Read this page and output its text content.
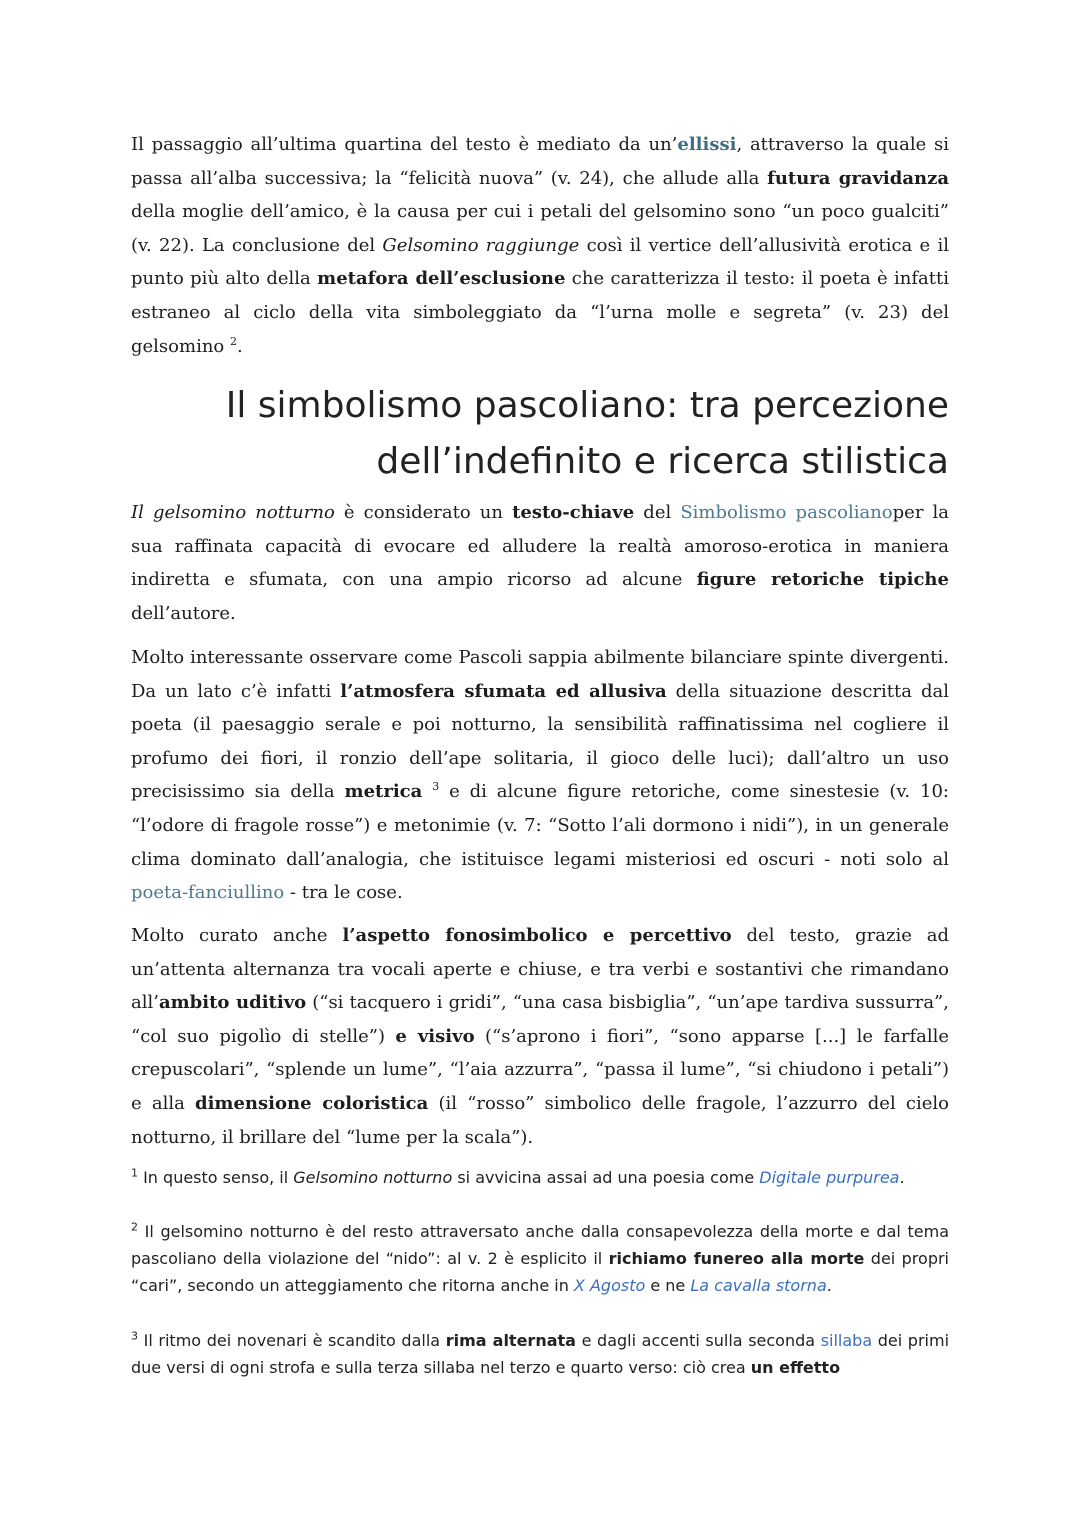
Il passaggio all’ultima quartina del testo è mediato da un’ellissi, attraverso la quale si passa all’alba successiva; la “felicità nuova” (v. 24), che allude alla futura gravidanza della moglie dell’amico, è la causa per cui i petali del gelsomino sono “un poco gualciti” (v. 22). La conclusione del Gelsomino raggiunge così il vertice dell’allusività erotica e il punto più alto della metafora dell’esclusione che caratterizza il testo: il poeta è infatti estraneo al ciclo della vita simboleggiato da “l’urna molle e segreta” (v. 23) del gelsomino $^2$.

Il simbolismo pascoliano: tra percezione
dell’indefinito e ricerca stilistica

Il gelsomino notturno è considerato un testo-chiave del Simbolismo pascolianoper la sua raffinata capacità di evocare ed alludere la realtà amoroso-erotica in maniera indiretta e sfumata, con una ampio ricorso ad alcune figure retoriche tipiche dell’autore.

Molto interessante osservare come Pascoli sappia abilmente bilanciare spinte divergenti. Da un lato c’è infatti l’atmosfera sfumata ed allusiva della situazione descritta dal poeta (il paesaggio serale e poi notturno, la sensibilità raffinatissima nel cogliere il profumo dei fiori, il ronzio dell’ape solitaria, il gioco delle luci); dall’altro un uso precisissimo sia della metrica $^3$ e di alcune figure retoriche, come sinestesie (v. 10: “l’odore di fragole rosse”) e metonimie (v. 7: “Sotto l’ali dormono i nidi”), in un generale clima dominato dall’analogia, che istituisce legami misteriosi ed oscuri - noti solo al poeta-fanciullino - tra le cose.

Molto curato anche l’aspetto fonosimbolico e percettivo del testo, grazie ad un’attenta alternanza tra vocali aperte e chiuse, e tra verbi e sostantivi che rimandano all’ambito uditivo (“si tacquero i gridi”, “una casa bisbiglia”, “un’ape tardiva sussurra”, “col suo pigolìo di stelle”) e visivo (“s’aprono i fiori”, “sono apparse [...] le farfalle crepuscolari”, “splende un lume”, “l’aia azzurra”, “passa il lume”, “si chiudono i petali”) e alla dimensione coloristica (il “rosso” simbolico delle fragole, l’azzurro del cielo notturno, il brillare del “lume per la scala”).

$^1$ In questo senso, il Gelsomino notturno si avvicina assai ad una poesia come Digitale purpurea.

$^2$ Il gelsomino notturno è del resto attraversato anche dalla consapevolezza della morte e dal tema pascoliano della violazione del “nido”: al v. 2 è esplicito il richiamo funereo alla morte dei propri “cari”, secondo un atteggiamento che ritorna anche in X Agosto e ne La cavalla storna.

$^3$ Il ritmo dei novenari è scandito dalla rima alternata e dagli accenti sulla seconda sillaba dei primi due versi di ogni strofa e sulla terza sillaba nel terzo e quarto verso: ciò crea un effetto
